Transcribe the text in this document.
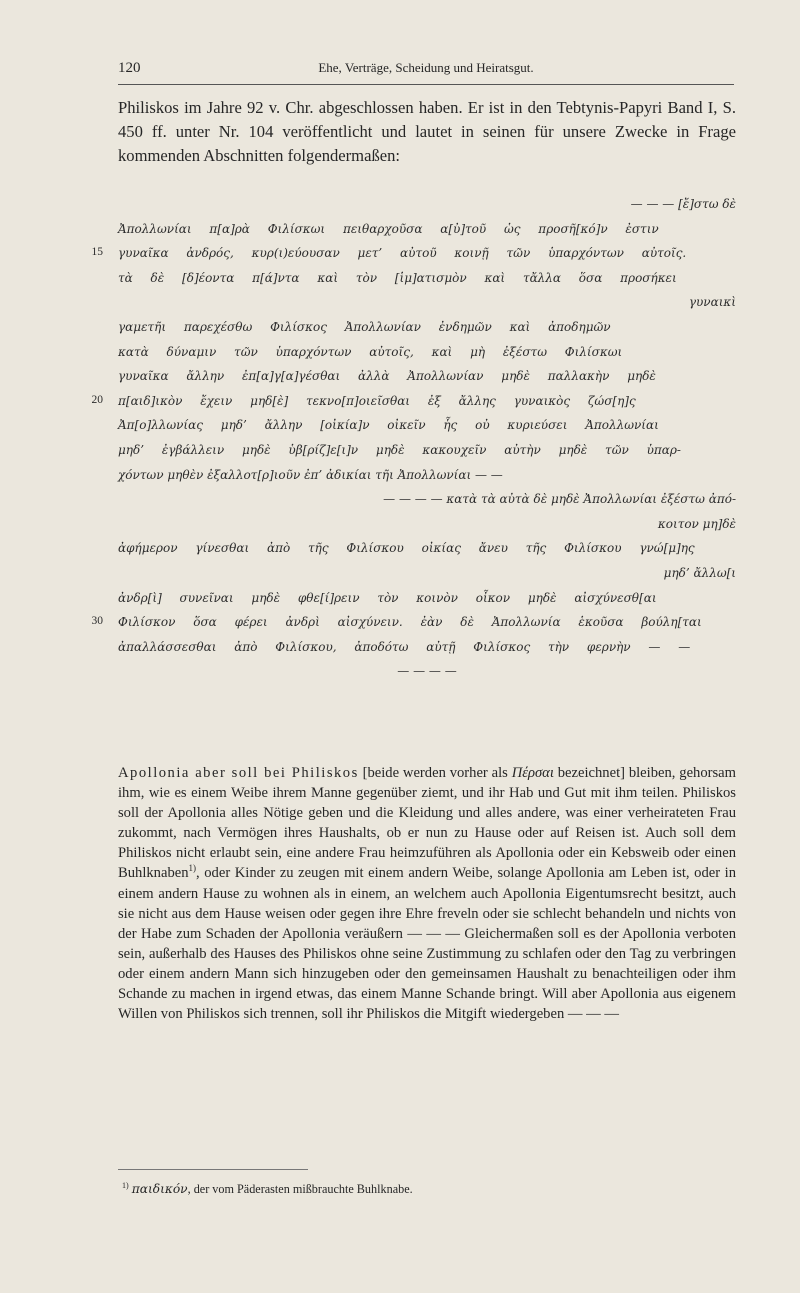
120	Ehe, Verträge, Scheidung und Heiratsgut.
Philiskos im Jahre 92 v. Chr. abgeschlossen haben. Er ist in den Tebtynis-Papyri Band I, S. 450 ff. unter Nr. 104 veröffentlicht und lautet in seinen für unsere Zwecke in Frage kommenden Abschnitten folgendermaßen:
— — — [ἔ]στω δὲ
Ἀπολλωνίαι π[α]ρὰ Φιλίσκωι πειθαρχοῦσα α[ὐ]τοῦ ὡς προσῆ[κό]ν ἐστιν
15 γυναῖκα ἀνδρός, κυρ(ι)εύουσαν μετ’ αὐτοῦ κοινῇ τῶν ὑπαρχόντων αὐτοῖς.
τὰ δὲ [δ]έοντα π[ά]ντα καὶ τὸν [ἱμ]ατισμὸν καὶ τἄλλα ὅσα προσήκει
γυναικὶ
γαμετῆι παρεχέσθω Φιλίσκος Ἀπολλωνίαν ἐνδημῶν καὶ ἀποδημῶν
κατὰ δύναμιν τῶν ὑπαρχόντων αὐτοῖς, καὶ μὴ ἐξέστω Φιλίσκωι
γυναῖκα ἄλλην ἐπ[α]γ[α]γέσθαι ἀλλὰ Ἀπολλωνίαν μηδὲ παλλακὴν μηδὲ
20 π[αιδ]ικὸν ἔχειν μηδ[ὲ] τεκνο[π]οιεῖσθαι ἐξ ἄλλης γυναικὸς ζώσ[η]ς
Ἀπ[ο]λλωνίας μηδ’ ἄλλην [οἰκία]ν οἰκεῖν ἧς οὐ κυριεύσει Ἀπολλωνίαι
μηδ’ ἐγβάλλειν μηδὲ ὑβ[ρίζ]ε[ι]ν μηδὲ κακουχεῖν αὐτὴν μηδὲ τῶν ὑπαρ-
χόντων μηθὲν ἐξαλλοτ[ρ]ιοῦν ἐπ’ ἀδικίαι τῆι Ἀπολλωνίαι — —
— — — — κατὰ τὰ αὐτὰ δὲ μηδὲ Ἀπολλωνίαι ἐξέστω ἀπό-
κοιτον μη]δὲ
ἀφήμερον γίνεσθαι ἀπὸ τῆς Φιλίσκου οἰκίας ἄνευ τῆς Φιλίσκου γνώ[μ]ης
μηδ’ ἄλλω[ι
ἀνδρ[ὶ] συνεῖναι μηδὲ φθε[ί]ρειν τὸν κοινὸν οἶκον μηδὲ αἰσχύνεσθ[αι
30 Φιλίσκον ὅσα φέρει ἀνδρὶ αἰσχύνειν. ἐὰν δὲ Ἀπολλωνία ἑκοῦσα βούλη[ται
ἀπαλλάσσεσθαι ἀπὸ Φιλίσκου, ἀποδότω αὐτῇ Φιλίσκος τὴν φερνὴν — —
— — — —
Apollonia aber soll bei Philiskos [beide werden vorher als Πέρσαι bezeichnet] bleiben, gehorsam ihm, wie es einem Weibe ihrem Manne gegenüber ziemt, und ihr Hab und Gut mit ihm teilen. Philiskos soll der Apollonia alles Nötige geben und die Kleidung und alles andere, was einer verheirateten Frau zukommt, nach Vermögen ihres Haushalts, ob er nun zu Hause oder auf Reisen ist. Auch soll dem Philiskos nicht erlaubt sein, eine andere Frau heimzuführen als Apollonia oder ein Kebsweib oder einen Buhlknaben$^{1)}$, oder Kinder zu zeugen mit einem andern Weibe, solange Apollonia am Leben ist, oder in einem andern Hause zu wohnen als in einem, an welchem auch Apollonia Eigentumsrecht besitzt, auch sie nicht aus dem Hause weisen oder gegen ihre Ehre freveln oder sie schlecht behandeln und nichts von der Habe zum Schaden der Apollonia veräußern — — — Gleichermaßen soll es der Apollonia verboten sein, außerhalb des Hauses des Philiskos ohne seine Zustimmung zu schlafen oder den Tag zu verbringen oder einem andern Mann sich hinzugeben oder den gemeinsamen Haushalt zu benachteiligen oder ihm Schande zu machen in irgend etwas, das einem Manne Schande bringt. Will aber Apollonia aus eigenem Willen von Philiskos sich trennen, soll ihr Philiskos die Mitgift wiedergeben — — —
$^{1)}$ παιδικόν, der vom Päderasten mißbrauchte Buhlknabe.
